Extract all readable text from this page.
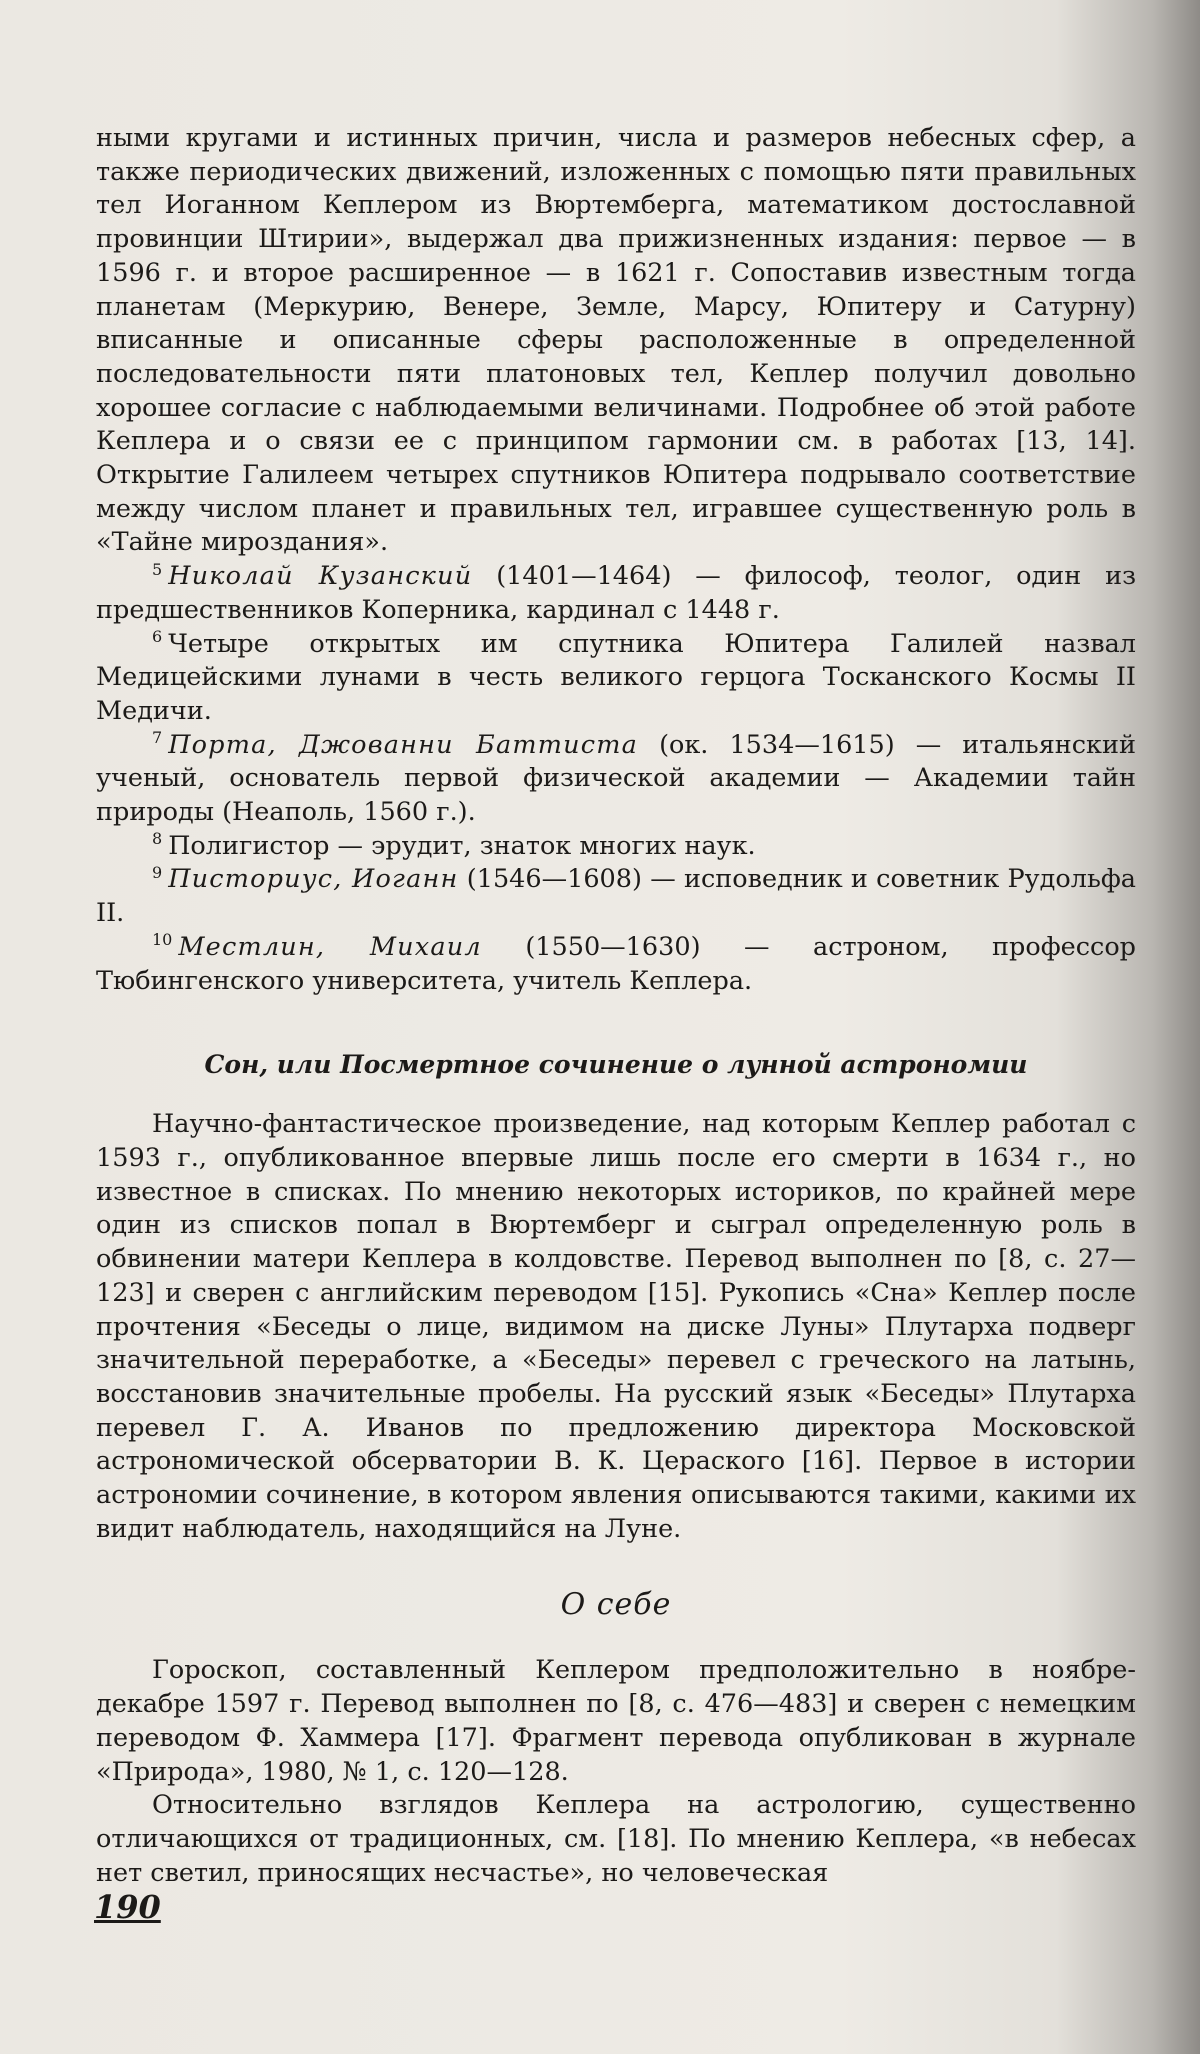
ными кругами и истинных причин, числа и размеров небесных сфер, а также периодических движений, изложенных с помощью пяти правильных тел Иоганном Кеплером из Вюртемберга, математиком достославной провинции Штирии», выдержал два прижизненных издания: первое — в 1596 г. и второе расширенное — в 1621 г. Сопоставив известным тогда планетам (Меркурию, Венере, Земле, Марсу, Юпитеру и Сатурну) вписанные и описанные сферы расположенные в определенной последовательности пяти платоновых тел, Кеплер получил довольно хорошее согласие с наблюдаемыми величинами. Подробнее об этой работе Кеплера и о связи ее с принципом гармонии см. в работах [13, 14]. Открытие Галилеем четырех спутников Юпитера подрывало соответствие между числом планет и правильных тел, игравшее существенную роль в «Тайне мироздания».

$^5$ Николай Кузанский (1401—1464) — философ, теолог, один из предшественников Коперника, кардинал с 1448 г.

$^6$ Четыре открытых им спутника Юпитера Галилей назвал Медицейскими лунами в честь великого герцога Тосканского Космы II Медичи.

$^7$ Порта, Джованни Баттиста (ок. 1534—1615) — итальянский ученый, основатель первой физической академии — Академии тайн природы (Неаполь, 1560 г.).

$^8$ Полигистор — эрудит, знаток многих наук.

$^9$ Пистoриус, Иоганн (1546—1608) — исповедник и советник Рудольфа II.

$^{10}$ Местлин, Михаил (1550—1630) — астроном, профессор Тюбингенского университета, учитель Кеплера.

Сон, или Посмертное сочинение о лунной астрономии

Научно-фантастическое произведение, над которым Кеплер работал с 1593 г., опубликованное впервые лишь после его смерти в 1634 г., но известное в списках. По мнению некоторых историков, по крайней мере один из списков попал в Вюртемберг и сыграл определенную роль в обвинении матери Кеплера в колдовстве. Перевод выполнен по [8, с. 27—123] и сверен с английским переводом [15]. Рукопись «Сна» Кеплер после прочтения «Беседы о лице, видимом на диске Луны» Плутарха подверг значительной переработке, а «Беседы» перевел с греческого на латынь, восстановив значительные пробелы. На русский язык «Беседы» Плутарха перевел Г. А. Иванов по предложению директора Московской астрономической обсерватории В. К. Цераского [16]. Первое в истории астрономии сочинение, в котором явления описываются такими, какими их видит наблюдатель, находящийся на Луне.

О себе

Гороскоп, составленный Кеплером предположительно в ноябре-декабре 1597 г. Перевод выполнен по [8, с. 476—483] и сверен с немецким переводом Ф. Хаммера [17]. Фрагмент перевода опубликован в журнале «Природа», 1980, № 1, с. 120—128.

Относительно взглядов Кеплера на астрологию, существенно отличающихся от традиционных, см. [18]. По мнению Кеплера, «в небесах нет светил, приносящих несчастье», но человеческая

190
